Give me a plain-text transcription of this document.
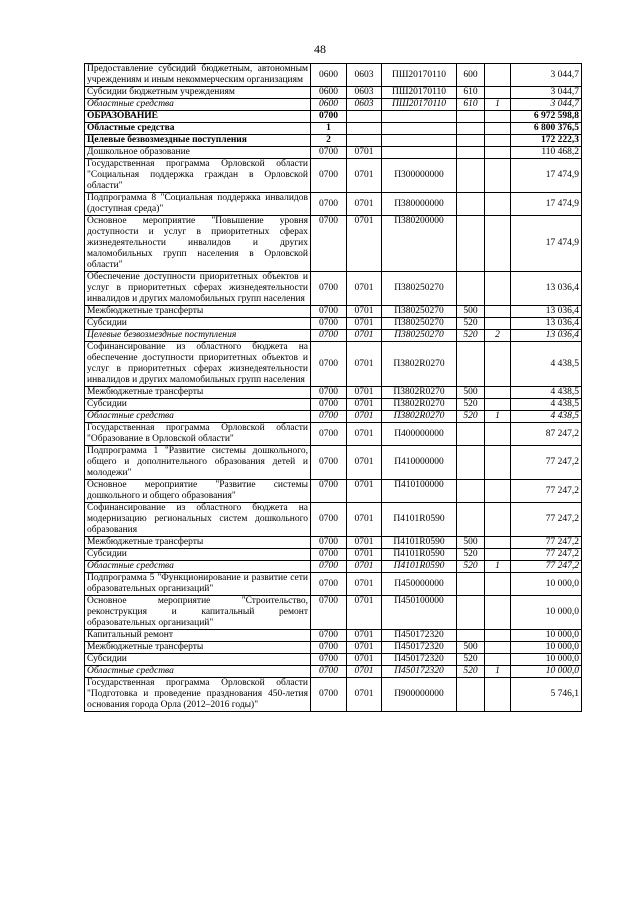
48
Предоставление субсидий бюджетным, автономным учреждениям и иным некоммерческим организациям	0600	0603	ПШ20170110	600		3 044,7
Субсидии бюджетным учреждениям	0600	0603	ПШ20170110	610		3 044,7
Областные средства	0600	0603	ПШ20170110	610	1	3 044,7
ОБРАЗОВАНИЕ	0700					6 972 598,8
Областные средства	1					6 800 376,5
Целевые безвозмездные поступления	2					172 222,3
Дошкольное образование	0700	0701				110 468,2
Государственная программа Орловской области "Социальная поддержка граждан в Орловской области"	0700	0701	П300000000			17 474,9
Подпрограмма 8 "Социальная поддержка инвалидов (доступная среда)"	0700	0701	П380000000			17 474,9
Основное мероприятие "Повышение уровня доступности и услуг в приоритетных сферах жизнедеятельности инвалидов и других маломобильных групп населения в Орловской области"	0700	0701	П380200000			17 474,9
Обеспечение доступности приоритетных объектов и услуг в приоритетных сферах жизнедеятельности инвалидов и других маломобильных групп населения	0700	0701	П380250270			13 036,4
Межбюджетные трансферты	0700	0701	П380250270	500		13 036,4
Субсидии	0700	0701	П380250270	520		13 036,4
Целевые безвозмездные поступления	0700	0701	П380250270	520	2	13 036,4
Софинансирование из областного бюджета на обеспечение доступности приоритетных объектов и услуг в приоритетных сферах жизнедеятельности инвалидов и других маломобильных групп населения	0700	0701	П3802R0270			4 438,5
Межбюджетные трансферты	0700	0701	П3802R0270	500		4 438,5
Субсидии	0700	0701	П3802R0270	520		4 438,5
Областные средства	0700	0701	П3802R0270	520	1	4 438,5
Государственная программа Орловской области "Образование в Орловской области"	0700	0701	П400000000			87 247,2
Подпрограмма 1 "Развитие системы дошкольного, общего и дополнительного образования детей и молодежи"	0700	0701	П410000000			77 247,2
Основное мероприятие "Развитие системы дошкольного и общего образования"	0700	0701	П410100000			77 247,2
Софинансирование из областного бюджета на модернизацию региональных систем дошкольного образования	0700	0701	П4101R0590			77 247,2
Межбюджетные трансферты	0700	0701	П4101R0590	500		77 247,2
Субсидии	0700	0701	П4101R0590	520		77 247,2
Областные средства	0700	0701	П4101R0590	520	1	77 247,2
Подпрограмма 5 "Функционирование и развитие сети образовательных организаций"	0700	0701	П450000000			10 000,0
Основное мероприятие "Строительство, реконструкция и капитальный ремонт образовательных организаций"	0700	0701	П450100000			10 000,0
Капитальный ремонт	0700	0701	П450172320			10 000,0
Межбюджетные трансферты	0700	0701	П450172320	500		10 000,0
Субсидии	0700	0701	П450172320	520		10 000,0
Областные средства	0700	0701	П450172320	520	1	10 000,0
Государственная программа Орловской области "Подготовка и проведение празднования 450-летия основания города Орла (2012–2016 годы)"	0700	0701	П900000000			5 746,1
